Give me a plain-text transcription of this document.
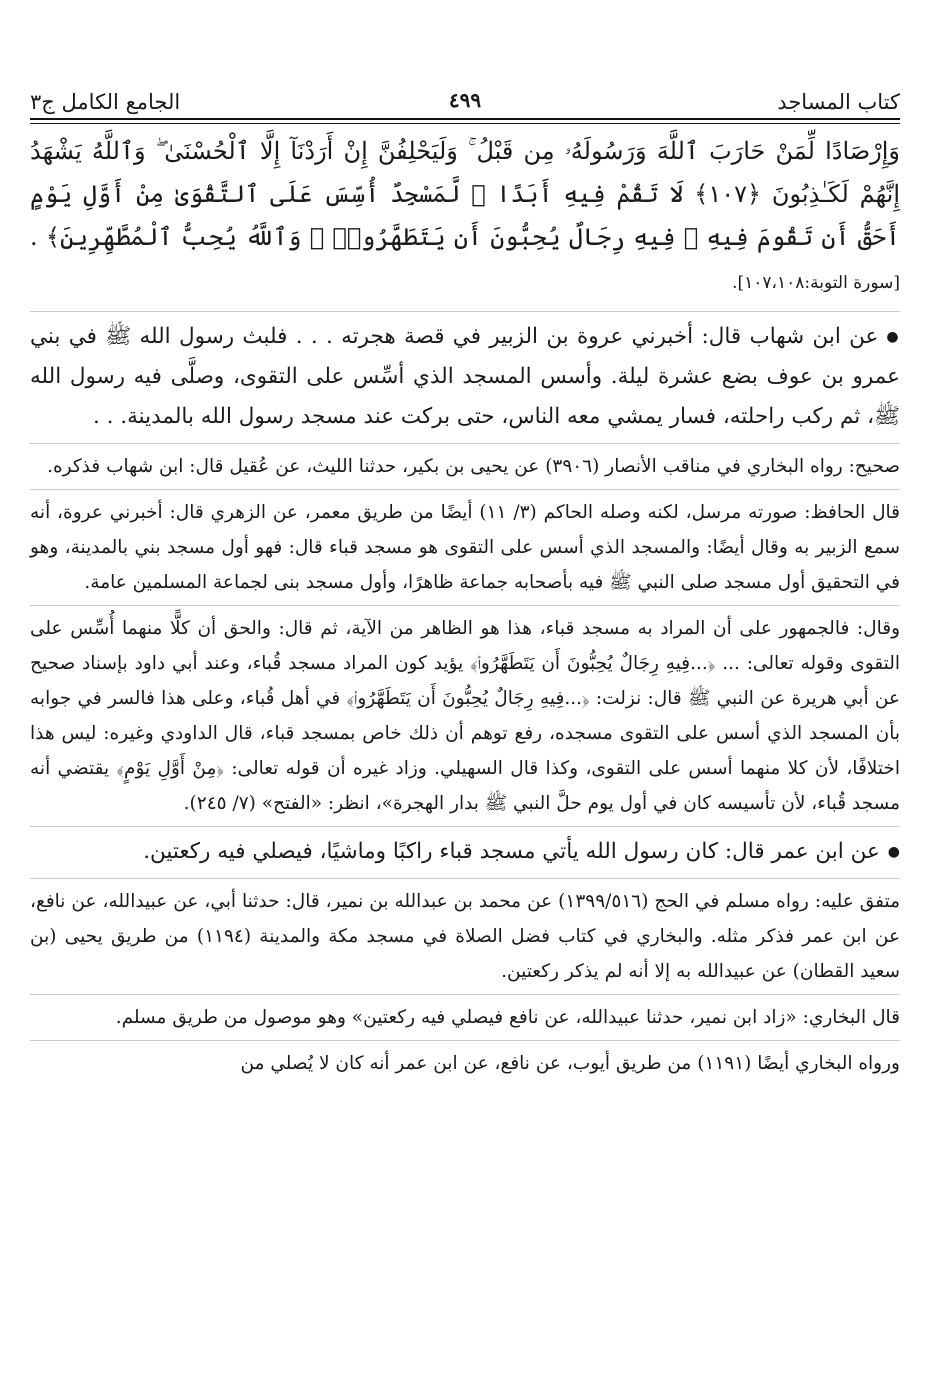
كتاب المساجد
٤٩٩
الجامع الكامل ج٣

وَإِرْصَادًا لِّمَنْ حَارَبَ ٱللَّهَ وَرَسُولَهُۥ مِن قَبْلُ ۚ وَلَيَحْلِفُنَّ إِنْ أَرَدْنَآ إِلَّا ٱلْحُسْنَىٰ ۖ وَٱللَّهُ يَشْهَدُ إِنَّهُمْ لَكَـٰذِبُونَ ﴿١٠٧﴾ لَا تَقُمْ فِيهِ أَبَدًا ۚ لَّمَسْجِدٌ أُسِّسَ عَلَى ٱلتَّقْوَىٰ مِنْ أَوَّلِ يَوْمٍ أَحَقُّ أَن تَقُومَ فِيهِ ۚ فِيهِ رِجَالٌ يُحِبُّونَ أَن يَتَطَهَّرُوا۟ ۚ وَٱللَّهُ يُحِبُّ ٱلْمُطَّهِّرِينَ﴾ . [سورة التوبة:١٠٧،١٠٨].

●عن ابن شهاب قال: أخبرني عروة بن الزبير في قصة هجرته . . . فلبث رسول الله ﷺ في بني عمرو بن عوف بضع عشرة ليلة. وأسس المسجد الذي أسِّس على التقوى، وصلَّى فيه رسول الله ﷺ، ثم ركب راحلته، فسار يمشي معه الناس، حتى بركت عند مسجد رسول الله بالمدينة. . .

صحيح: رواه البخاري في مناقب الأنصار (٣٩٠٦) عن يحيى بن بكير، حدثنا الليث، عن عُقيل قال: ابن شهاب فذكره.

قال الحافظ: صورته مرسل، لكنه وصله الحاكم (٣/ ١١) أيضًا من طريق معمر، عن الزهري قال: أخبرني عروة، أنه سمع الزبير به وقال أيضًا: والمسجد الذي أسس على التقوى هو مسجد قباء قال: فهو أول مسجد بني بالمدينة، وهو في التحقيق أول مسجد صلى النبي ﷺ فيه بأصحابه جماعة ظاهرًا، وأول مسجد بنى لجماعة المسلمين عامة.

وقال: فالجمهور على أن المراد به مسجد قباء، هذا هو الظاهر من الآية، ثم قال: والحق أن كلًّا منهما أُسِّس على التقوى وقوله تعالى: ... ﴿...فِيهِ رِجَالٌ يُحِبُّونَ أَن يَتَطَهَّرُوا۟﴾ يؤيد كون المراد مسجد قُباء، وعند أبي داود بإسناد صحيح عن أبي هريرة عن النبي ﷺ قال: نزلت: ﴿...فِيهِ رِجَالٌ يُحِبُّونَ أَن يَتَطَهَّرُوا۟﴾ في أهل قُباء، وعلى هذا فالسر في جوابه بأن المسجد الذي أسس على التقوى مسجده، رفع توهم أن ذلك خاص بمسجد قباء، قال الداودي وغيره: ليس هذا اختلافًا، لأن كلا منهما أسس على التقوى، وكذا قال السهيلي. وزاد غيره أن قوله تعالى: ﴿مِنْ أَوَّلِ يَوْمٍ﴾ يقتضي أنه مسجد قُباء، لأن تأسيسه كان في أول يوم حلَّ النبي ﷺ بدار الهجرة»، انظر: «الفتح» (٧/ ٢٤٥).

●عن ابن عمر قال: كان رسول الله يأتي مسجد قباء راكبًا وماشيًا، فيصلي فيه ركعتين.

متفق عليه: رواه مسلم في الحج (١٣٩٩/٥١٦) عن محمد بن عبدالله بن نمير، قال: حدثنا أبي، عن عبيدالله، عن نافع، عن ابن عمر فذكر مثله. والبخاري في كتاب فضل الصلاة في مسجد مكة والمدينة (١١٩٤) من طريق يحيى (بن سعيد القطان) عن عبيدالله به إلا أنه لم يذكر ركعتين.

قال البخاري: «زاد ابن نمير، حدثنا عبيدالله، عن نافع فيصلي فيه ركعتين» وهو موصول من طريق مسلم.

ورواه البخاري أيضًا (١١٩١) من طريق أيوب، عن نافع، عن ابن عمر أنه كان لا يُصلي من
